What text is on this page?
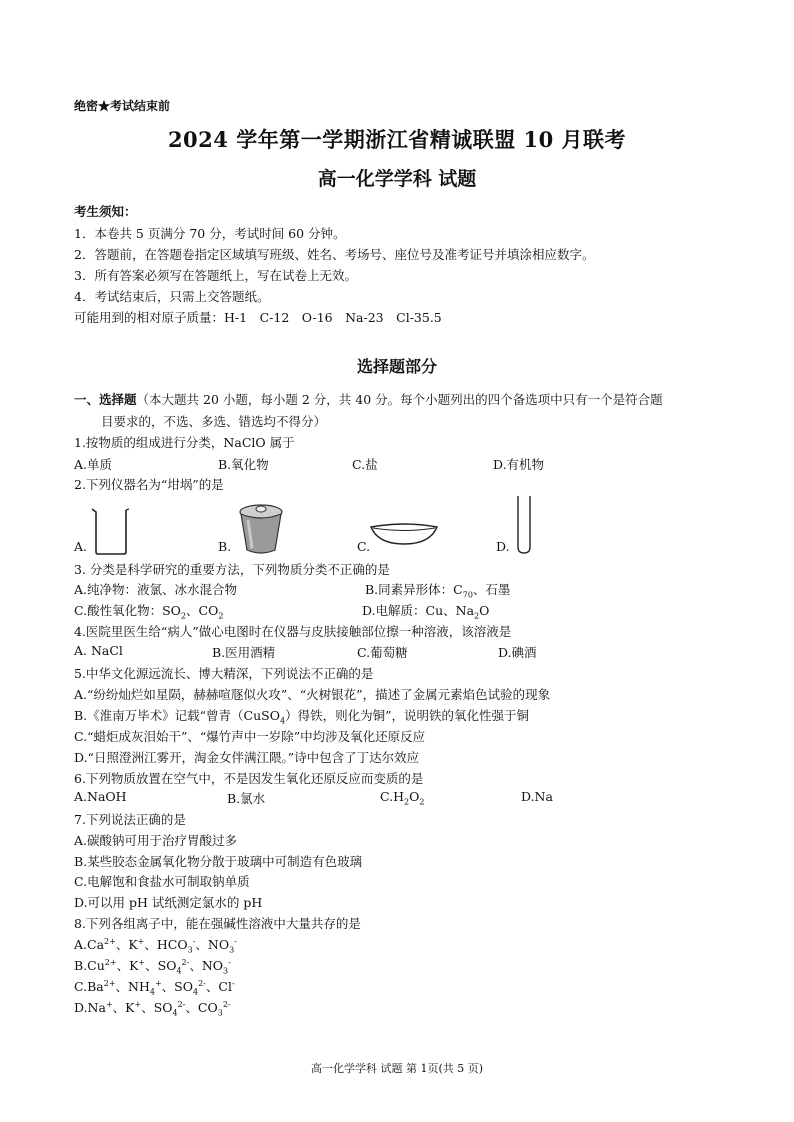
绝密★考试结束前
2024 学年第一学期浙江省精诚联盟 10 月联考
高一化学学科 试题
考生须知：
1．本卷共 5 页满分 70 分，考试时间 60 分钟。
2．答题前，在答题卷指定区域填写班级、姓名、考场号、座位号及准考证号并填涂相应数字。
3．所有答案必须写在答题纸上，写在试卷上无效。
4．考试结束后，只需上交答题纸。
可能用到的相对原子质量：H-1　C-12　O-16　Na-23　Cl-35.5
选择题部分
一、选择题（本大题共 20 小题，每小题 2 分，共 40 分。每个小题列出的四个备选项中只有一个是符合题
目要求的，不选、多选、错选均不得分）
1.按物质的组成进行分类，NaClO 属于
A.单质	B.氧化物	C.盐	D.有机物
2.下列仪器名为“坩埚”的是
A.	B.	C.	D.
3. 分类是科学研究的重要方法，下列物质分类不正确的是
A.纯净物：液氯、冰水混合物	B.同素异形体：$C_{70}$、石墨
C.酸性氧化物：$SO_2$、$CO_2$	D.电解质：Cu、$Na_2O$
4.医院里医生给“病人”做心电图时在仪器与皮肤接触部位擦一种溶液，该溶液是
A. NaCl	B.医用酒精	C.葡萄糖	D.碘酒
5.中华文化源远流长、博大精深，下列说法不正确的是
A.“纷纷灿烂如星陨，赫赫喧豗似火攻”、“火树银花”，描述了金属元素焰色试验的现象
B.《淮南万毕术》记载“曾青（CuSO$_4$）得铁，则化为铜”，说明铁的氧化性强于铜
C.“蜡炬成灰泪始干”、“爆竹声中一岁除”中均涉及氧化还原反应
D.“日照澄洲江雾开，淘金女伴满江隈。”诗中包含了丁达尔效应
6.下列物质放置在空气中，不是因发生氧化还原反应而变质的是
A.NaOH	B.氯水	$C.H_2O_2$	D.Na
7.下列说法正确的是
A.碳酸钠可用于治疗胃酸过多
B.某些胶态金属氧化物分散于玻璃中可制造有色玻璃
C.电解饱和食盐水可制取钠单质
D.可以用 pH 试纸测定氯水的 pH
8.下列各组离子中，能在强碱性溶液中大量共存的是
$A.Ca^{2+}$、K+、$HCO_3^-$、$NO_3^-$
$B.Cu^{2+}$、K+、$SO_4^{2-}$、$NO_3^-$
$C.Ba^{2+}$、$NH_4^+$、$SO_4^{2-}$、Cl-
D.Na+、K+、$SO_4^{2-}$、$CO_3^{2-}$
高一化学学科 试题 第 1页(共 5 页)
